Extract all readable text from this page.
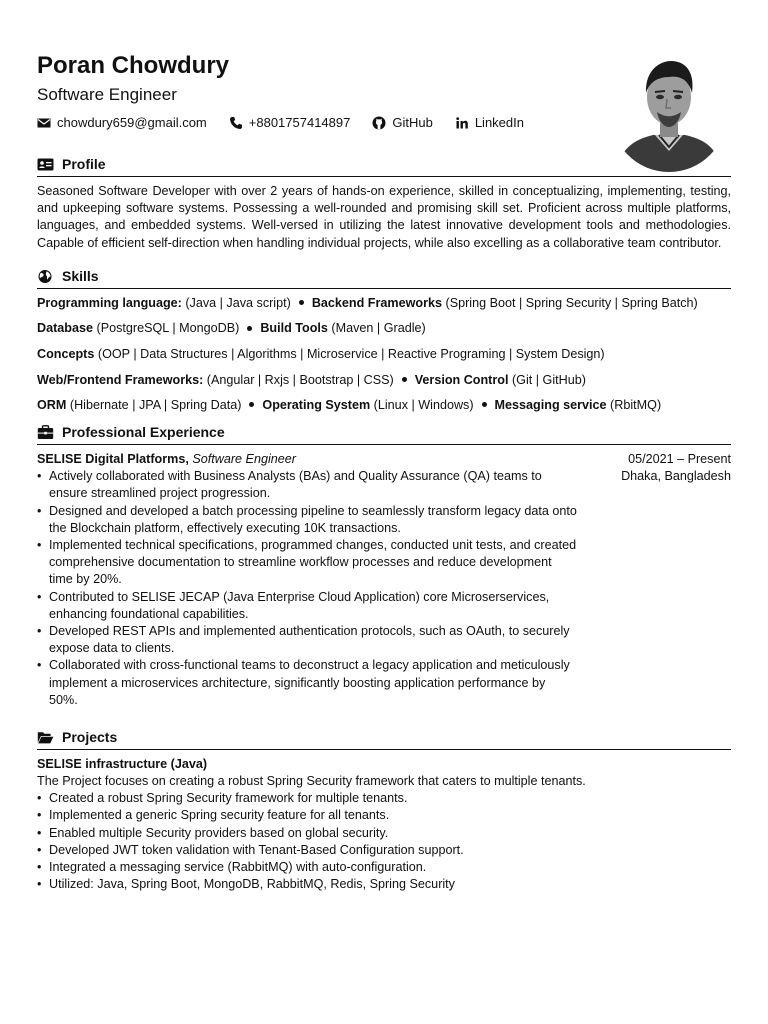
Poran Chowdury
Software Engineer
chowdury659@gmail.com	+8801757414897	GitHub	LinkedIn
Profile
Seasoned Software Developer with over 2 years of hands-on experience, skilled in conceptualizing, implementing, testing, and upkeeping software systems. Possessing a well-rounded and promising skill set. Proficient across multiple platforms, languages, and embedded systems. Well-versed in utilizing the latest innovative development tools and methodologies. Capable of efficient self-direction when handling individual projects, while also excelling as a collaborative team contributor.
Skills
Programming language: (Java | Java script) Backend Frameworks (Spring Boot | Spring Security | Spring Batch)
Database (PostgreSQL | MongoDB) Build Tools (Maven | Gradle)
Concepts (OOP | Data Structures | Algorithms | Microservice | Reactive Programing | System Design)
Web/Frontend Frameworks: (Angular | Rxjs | Bootstrap | CSS) Version Control (Git | GitHub)
ORM (Hibernate | JPA | Spring Data) Operating System (Linux | Windows) Messaging service (RbitMQ)
Professional Experience
SELISE Digital Platforms, Software Engineer
• Actively collaborated with Business Analysts (BAs) and Quality Assurance (QA) teams to ensure streamlined project progression.
• Designed and developed a batch processing pipeline to seamlessly transform legacy data onto the Blockchain platform, effectively executing 10K transactions.
• Implemented technical specifications, programmed changes, conducted unit tests, and created comprehensive documentation to streamline workflow processes and reduce development time by 20%.
• Contributed to SELISE JECAP (Java Enterprise Cloud Application) core Microserservices, enhancing foundational capabilities.
• Developed REST APIs and implemented authentication protocols, such as OAuth, to securely expose data to clients.
• Collaborated with cross-functional teams to deconstruct a legacy application and meticulously implement a microservices architecture, significantly boosting application performance by 50%.
05/2021 – Present
Dhaka, Bangladesh
Projects
SELISE infrastructure (Java)
The Project focuses on creating a robust Spring Security framework that caters to multiple tenants.
• Created a robust Spring Security framework for multiple tenants.
• Implemented a generic Spring security feature for all tenants.
• Enabled multiple Security providers based on global security.
• Developed JWT token validation with Tenant-Based Configuration support.
• Integrated a messaging service (RabbitMQ) with auto-configuration.
• Utilized: Java, Spring Boot, MongoDB, RabbitMQ, Redis, Spring Security
